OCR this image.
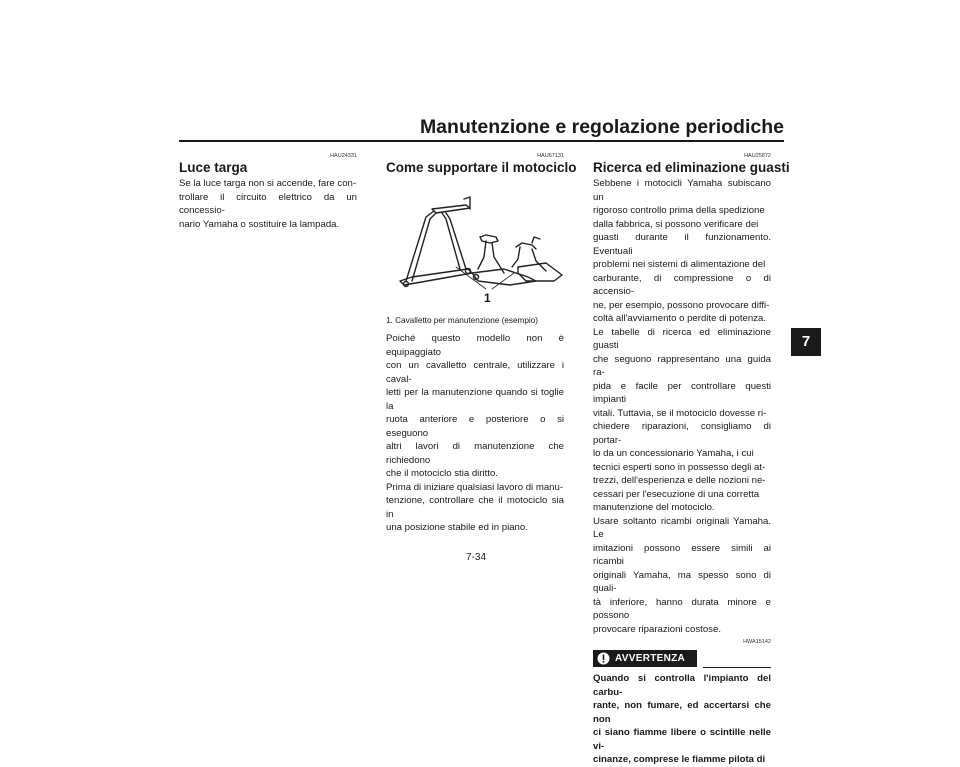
Manutenzione e regolazione periodiche
HAU24331
Luce targa

Se la luce targa non si accende, fare con-

trollare il circuito elettrico da un concessio-

nario Yamaha o sostituire la lampada.

HAU67131
Come supportare il motociclo
1
1. Cavalletto per manutenzione (esempio)

Poiché questo modello non è equipaggiato

con un cavalletto centrale, utilizzare i caval-

letti per la manutenzione quando si toglie la

ruota anteriore e posteriore o si eseguono

altri lavori di manutenzione che richiedono

che il motociclo stia diritto.

Prima di iniziare qualsiasi lavoro di manu-

tenzione, controllare che il motociclo sia in

una posizione stabile ed in piano.

HAU25872
Ricerca ed eliminazione guasti

Sebbene i motocicli Yamaha subiscano un

rigoroso controllo prima della spedizione

dalla fabbrica, si possono verificare dei

guasti durante il funzionamento. Eventuali

problemi nei sistemi di alimentazione del

carburante, di compressione o di accensio-

ne, per esempio, possono provocare diffi-

coltà all'avviamento o perdite di potenza.

Le tabelle di ricerca ed eliminazione guasti

che seguono rappresentano una guida ra-

pida e facile per controllare questi impianti

vitali. Tuttavia, se il motociclo dovesse ri-

chiedere riparazioni, consigliamo di portar-

lo da un concessionario Yamaha, i cui

tecnici esperti sono in possesso degli at-

trezzi, dell'esperienza e delle nozioni ne-

cessari per l'esecuzione di una corretta

manutenzione del motociclo.

Usare soltanto ricambi originali Yamaha. Le

imitazioni possono essere simili ai ricambi

originali Yamaha, ma spesso sono di quali-

tà inferiore, hanno durata minore e possono

provocare riparazioni costose.

HWA15142
AVVERTENZA

Quando si controlla l'impianto del carbu-

rante, non fumare, ed accertarsi che non

ci siano fiamme libere o scintille nelle vi-

cinanze, comprese le fiamme pilota di

7
7-34
